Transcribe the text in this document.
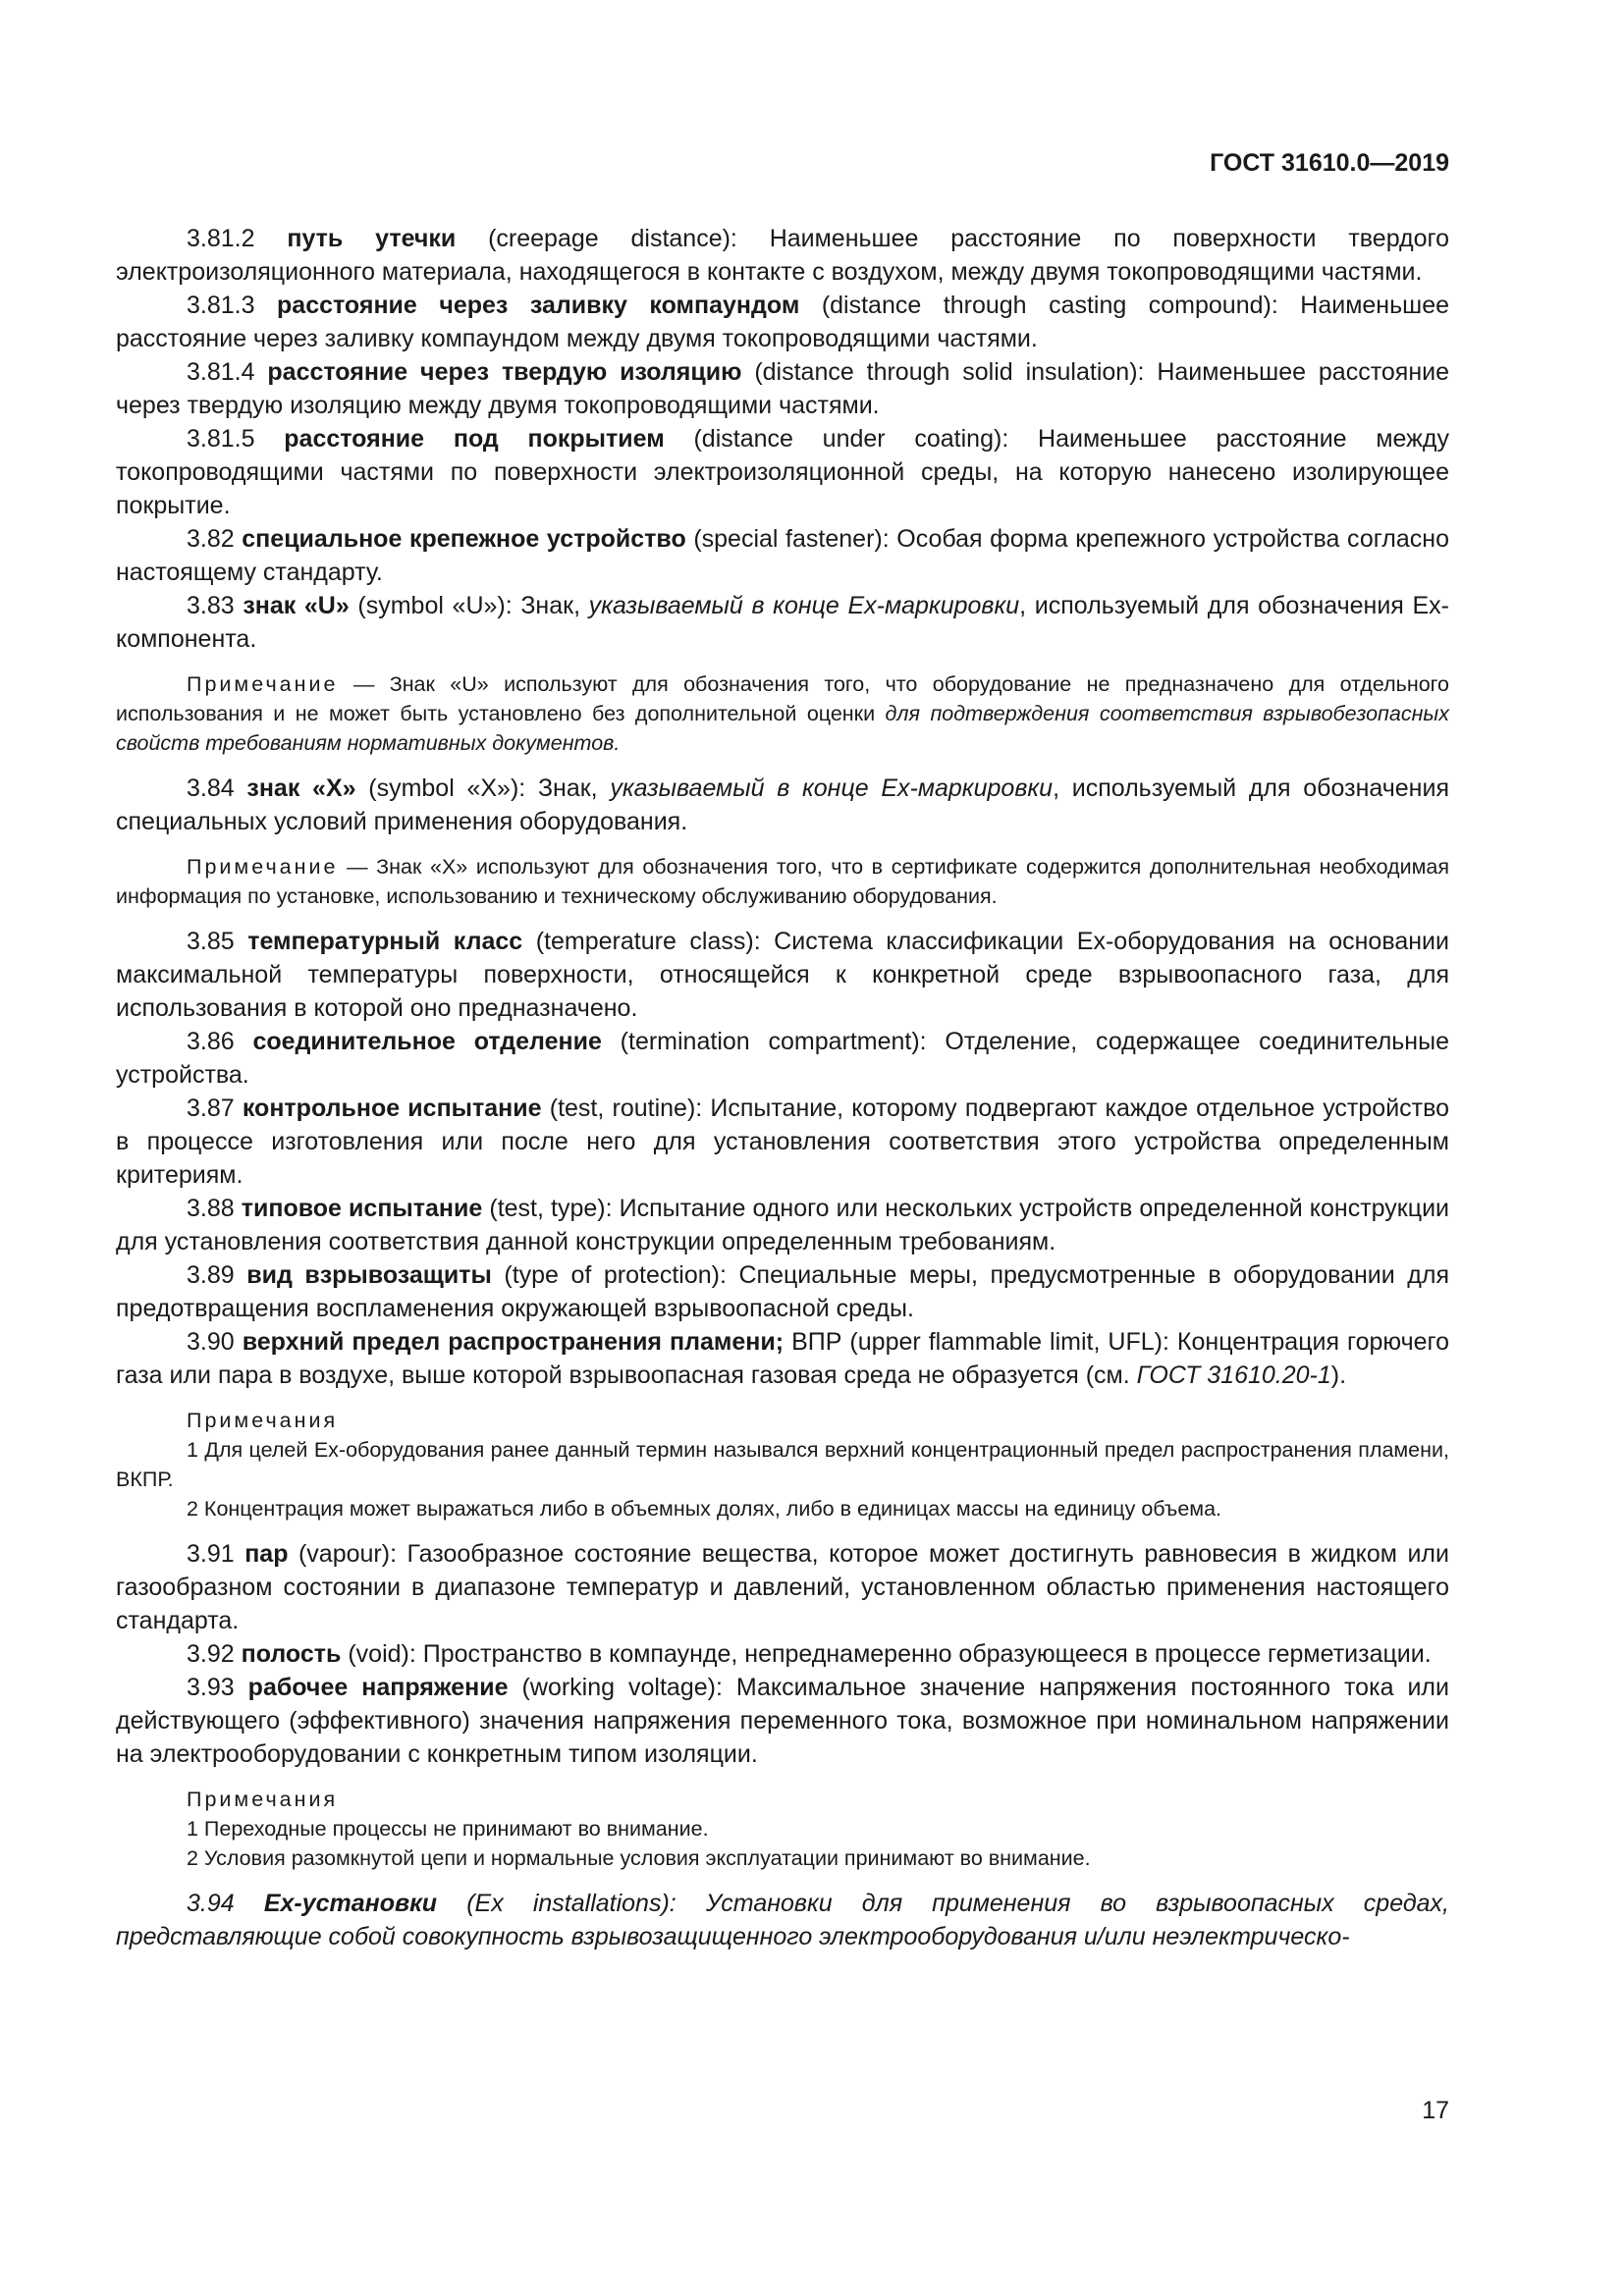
ГОСТ 31610.0—2019

3.81.2 путь утечки (creepage distance): Наименьшее расстояние по поверхности твердого электроизоляционного материала, находящегося в контакте с воздухом, между двумя токопроводящими частями.

3.81.3 расстояние через заливку компаундом (distance through casting compound): Наименьшее расстояние через заливку компаундом между двумя токопроводящими частями.

3.81.4 расстояние через твердую изоляцию (distance through solid insulation): Наименьшее расстояние через твердую изоляцию между двумя токопроводящими частями.

3.81.5 расстояние под покрытием (distance under coating): Наименьшее расстояние между токопроводящими частями по поверхности электроизоляционной среды, на которую нанесено изолирующее покрытие.

3.82 специальное крепежное устройство (special fastener): Особая форма крепежного устройства согласно настоящему стандарту.

3.83 знак «U» (symbol «U»): Знак, указываемый в конце Ex-маркировки, используемый для обозначения Ex-компонента.

Примечание — Знак «U» используют для обозначения того, что оборудование не предназначено для отдельного использования и не может быть установлено без дополнительной оценки для подтверждения соответствия взрывобезопасных свойств требованиям нормативных документов.

3.84 знак «X» (symbol «X»): Знак, указываемый в конце Ex-маркировки, используемый для обозначения специальных условий применения оборудования.

Примечание — Знак «X» используют для обозначения того, что в сертификате содержится дополнительная необходимая информация по установке, использованию и техническому обслуживанию оборудования.

3.85 температурный класс (temperature class): Система классификации Ex-оборудования на основании максимальной температуры поверхности, относящейся к конкретной среде взрывоопасного газа, для использования в которой оно предназначено.

3.86 соединительное отделение (termination compartment): Отделение, содержащее соединительные устройства.

3.87 контрольное испытание (test, routine): Испытание, которому подвергают каждое отдельное устройство в процессе изготовления или после него для установления соответствия этого устройства определенным критериям.

3.88 типовое испытание (test, type): Испытание одного или нескольких устройств определенной конструкции для установления соответствия данной конструкции определенным требованиям.

3.89 вид взрывозащиты (type of protection): Специальные меры, предусмотренные в оборудовании для предотвращения воспламенения окружающей взрывоопасной среды.

3.90 верхний предел распространения пламени; ВПР (upper flammable limit, UFL): Концентрация горючего газа или пара в воздухе, выше которой взрывоопасная газовая среда не образуется (см. ГОСТ 31610.20-1).

Примечания

1 Для целей Ex-оборудования ранее данный термин назывался верхний концентрационный предел распространения пламени, ВКПР.

2 Концентрация может выражаться либо в объемных долях, либо в единицах массы на единицу объема.

3.91 пар (vapour): Газообразное состояние вещества, которое может достигнуть равновесия в жидком или газообразном состоянии в диапазоне температур и давлений, установленном областью применения настоящего стандарта.

3.92 полость (void): Пространство в компаунде, непреднамеренно образующееся в процессе герметизации.

3.93 рабочее напряжение (working voltage): Максимальное значение напряжения постоянного тока или действующего (эффективного) значения напряжения переменного тока, возможное при номинальном напряжении на электрооборудовании с конкретным типом изоляции.

Примечания

1 Переходные процессы не принимают во внимание.

2 Условия разомкнутой цепи и нормальные условия эксплуатации принимают во внимание.

3.94 Ex-установки (Ex installations): Установки для применения во взрывоопасных средах, представляющие собой совокупность взрывозащищенного электрооборудования и/или неэлектрическо-

17
